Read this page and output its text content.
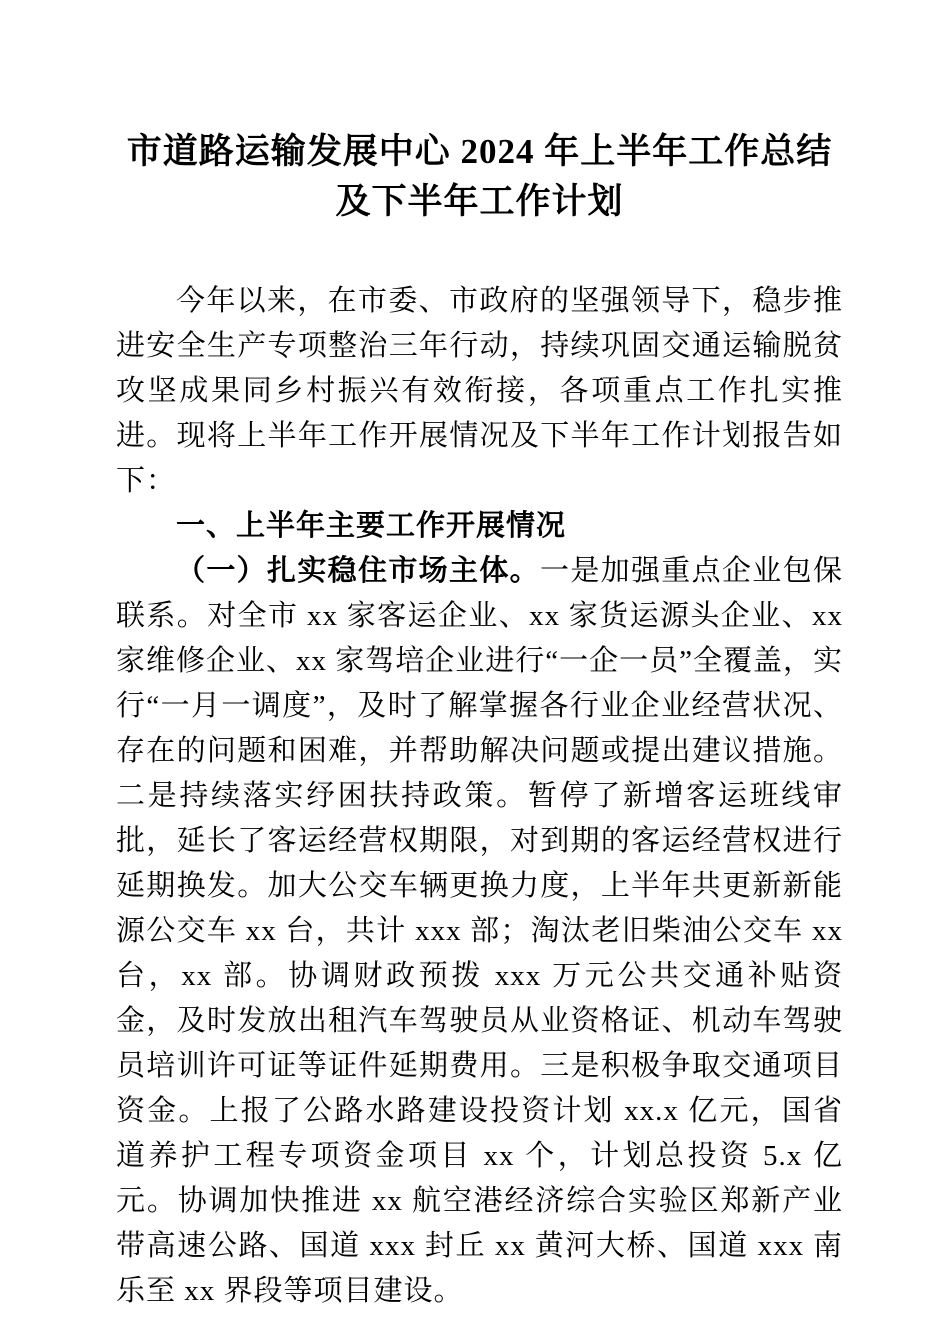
市道路运输发展中心 2024 年上半年工作总结
及下半年工作计划

今年以来，在市委、市政府的坚强领导下，稳步推进安全生产专项整治三年行动，持续巩固交通运输脱贫攻坚成果同乡村振兴有效衔接，各项重点工作扎实推进。现将上半年工作开展情况及下半年工作计划报告如下：

一、上半年主要工作开展情况

（一）扎实稳住市场主体。一是加强重点企业包保联系。对全市 xx 家客运企业、xx 家货运源头企业、xx 家维修企业、xx 家驾培企业进行“一企一员”全覆盖，实行“一月一调度”，及时了解掌握各行业企业经营状况、存在的问题和困难，并帮助解决问题或提出建议措施。二是持续落实纾困扶持政策。暂停了新增客运班线审批，延长了客运经营权期限，对到期的客运经营权进行延期换发。加大公交车辆更换力度，上半年共更新新能源公交车 xx 台，共计 xxx 部；淘汰老旧柴油公交车 xx 台，xx 部。协调财政预拨 xxx 万元公共交通补贴资金，及时发放出租汽车驾驶员从业资格证、机动车驾驶员培训许可证等证件延期费用。三是积极争取交通项目资金。上报了公路水路建设投资计划 xx.x 亿元，国省道养护工程专项资金项目 xx 个，计划总投资 5.x 亿元。协调加快推进 xx 航空港经济综合实验区郑新产业带高速公路、国道 xxx 封丘 xx 黄河大桥、国道 xxx 南乐至 xx 界段等项目建设。
